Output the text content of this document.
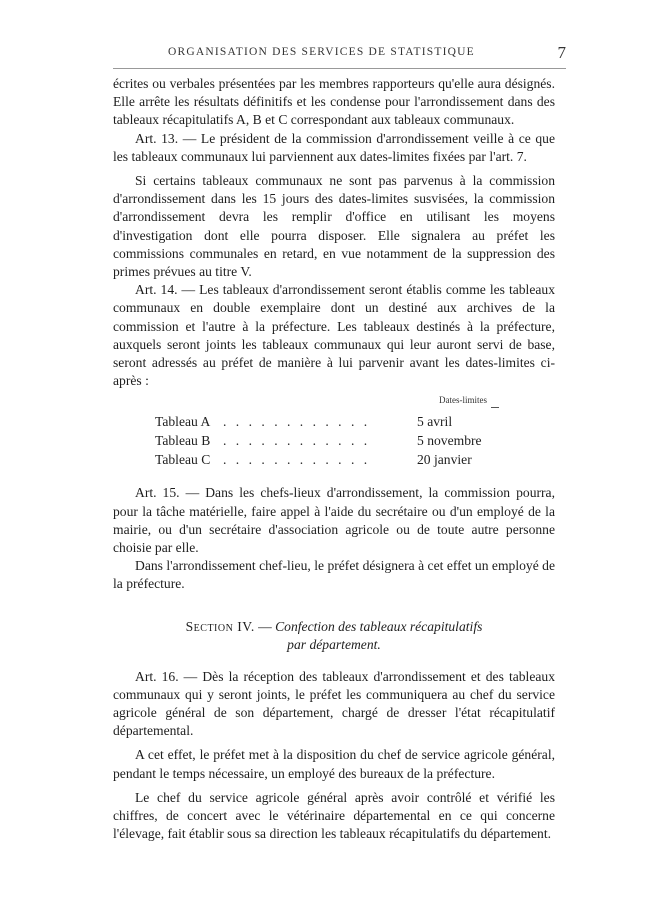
ORGANISATION DES SERVICES DE STATISTIQUE	7

écrites ou verbales présentées par les membres rapporteurs qu'elle aura désignés. Elle arrête les résultats définitifs et les condense pour l'arrondissement dans des tableaux récapitulatifs A, B et C correspondant aux tableaux communaux.

Art. 13. — Le président de la commission d'arrondissement veille à ce que les tableaux communaux lui parviennent aux dates-limites fixées par l'art. 7.

Si certains tableaux communaux ne sont pas parvenus à la commission d'arrondissement dans les 15 jours des dates-limites susvisées, la commission d'arrondissement devra les remplir d'office en utilisant les moyens d'investigation dont elle pourra disposer. Elle signalera au préfet les commissions communales en retard, en vue notamment de la suppression des primes prévues au titre V.

Art. 14. — Les tableaux d'arrondissement seront établis comme les tableaux communaux en double exemplaire dont un destiné aux archives de la commission et l'autre à la préfecture. Les tableaux destinés à la préfecture, auxquels seront joints les tableaux communaux qui leur auront servi de base, seront adressés au préfet de manière à lui parvenir avant les dates-limites ci-après :

Dates-limites
Tableau A . . . . . . . . . . . .	5 avril
Tableau B . . . . . . . . . . . .	5 novembre
Tableau C . . . . . . . . . . . .	20 janvier

Art. 15. — Dans les chefs-lieux d'arrondissement, la commission pourra, pour la tâche matérielle, faire appel à l'aide du secrétaire ou d'un employé de la mairie, ou d'un secrétaire d'association agricole ou de toute autre personne choisie par elle.

Dans l'arrondissement chef-lieu, le préfet désignera à cet effet un employé de la préfecture.

Section IV. — Confection des tableaux récapitulatifs
par département.

Art. 16. — Dès la réception des tableaux d'arrondissement et des tableaux communaux qui y seront joints, le préfet les communiquera au chef du service agricole général de son département, chargé de dresser l'état récapitulatif départemental.

A cet effet, le préfet met à la disposition du chef de service agricole général, pendant le temps nécessaire, un employé des bureaux de la préfecture.

Le chef du service agricole général après avoir contrôlé et vérifié les chiffres, de concert avec le vétérinaire départemental en ce qui concerne l'élevage, fait établir sous sa direction les tableaux récapitulatifs du département.
